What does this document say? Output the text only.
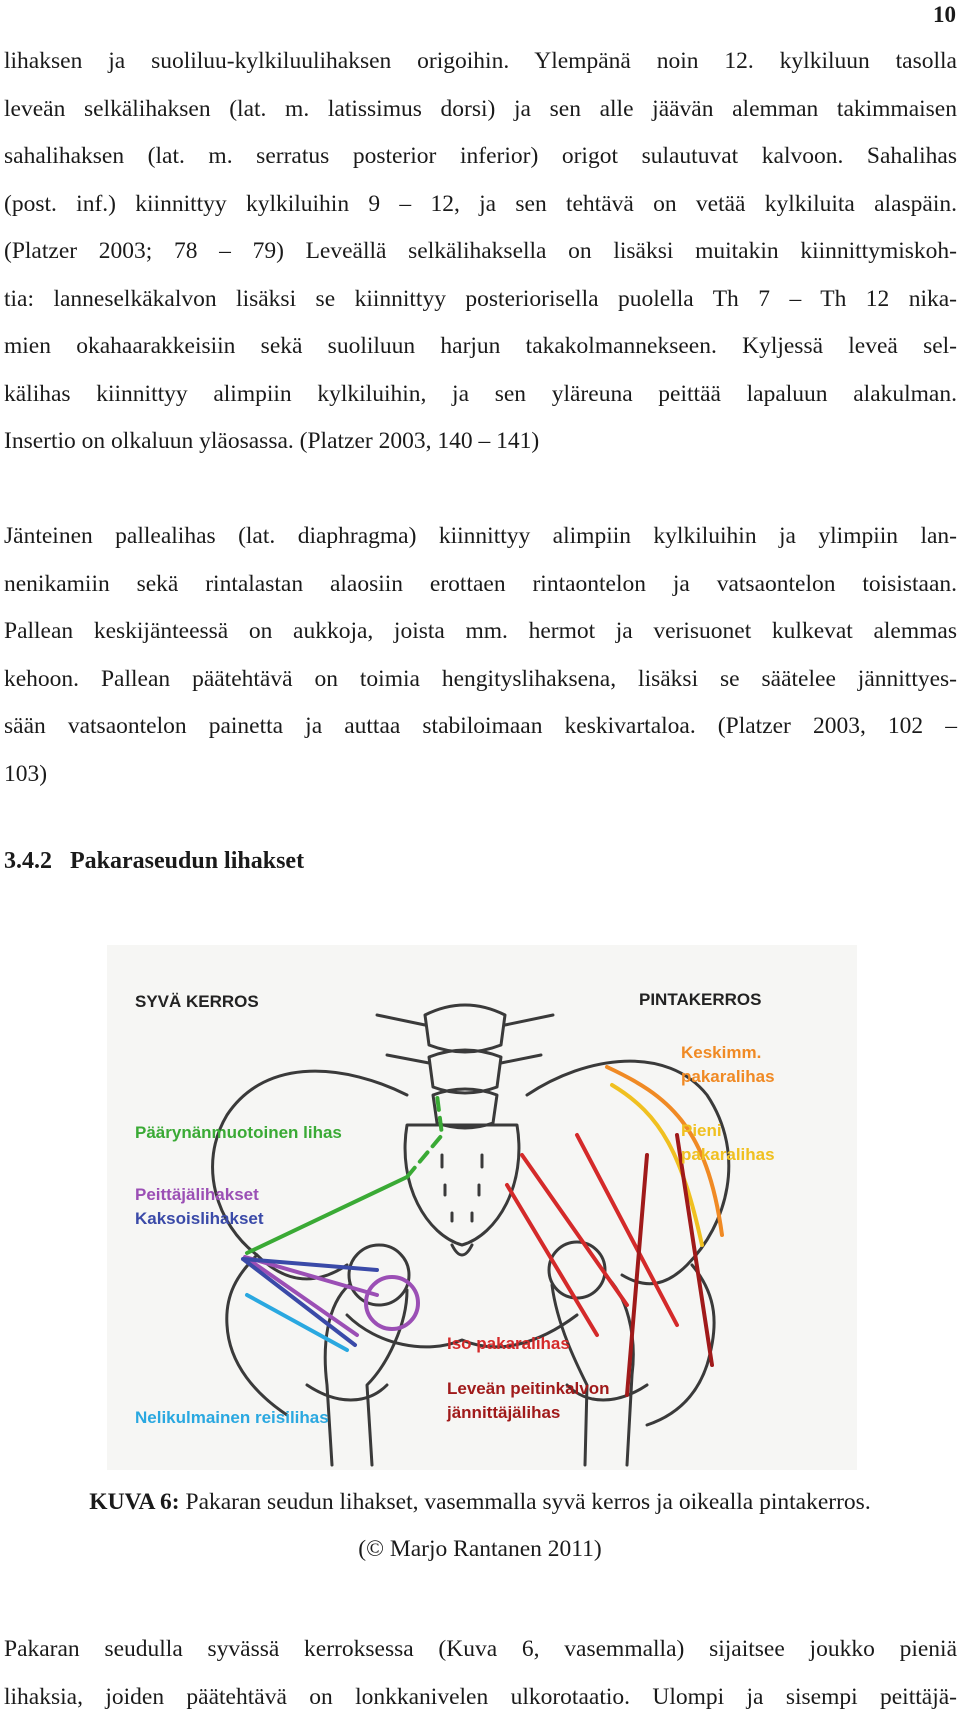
10
lihaksen ja suoliluu-kylkiluulihaksen origoihin. Ylempänä noin 12. kylkiluun tasolla
leveän selkälihaksen (lat. m. latissimus dorsi) ja sen alle jäävän alemman takimmaisen
sahalihaksen (lat. m. serratus posterior inferior) origot sulautuvat kalvoon. Sahalihas
(post. inf.) kiinnittyy kylkiluihin 9 – 12, ja sen tehtävä on vetää kylkiluita alaspäin.
(Platzer 2003; 78 – 79) Leveällä selkälihaksella on lisäksi muitakin kiinnittymiskoh-
tia: lanneselkäkalvon lisäksi se kiinnittyy posteriorisella puolella Th 7 – Th 12 nika-
mien okahaarakkeisiin sekä suoliluun harjun takakolmannekseen. Kyljessä leveä sel-
kälihas kiinnittyy alimpiin kylkiluihin, ja sen yläreuna peittää lapaluun alakulman.
Insertio on olkaluun yläosassa. (Platzer 2003, 140 – 141)
Jänteinen pallealihas (lat. diaphragma) kiinnittyy alimpiin kylkiluihin ja ylimpiin lan-
nenikamiin sekä rintalastan alaosiin erottaen rintaontelon ja vatsaontelon toisistaan.
Pallean keskijänteessä on aukkoja, joista mm. hermot ja verisuonet kulkevat alemmas
kehoon. Pallean päätehtävä on toimia hengityslihaksena, lisäksi se säätelee jännittyes-
sään vatsaontelon painetta ja auttaa stabiloimaan keskivartaloa. (Platzer 2003, 102 –
103)
3.4.2 Pakaraseudun lihakset
SYVÄ KERROS	PINTAKERROS
Keskimm.
pakaralihas
Päärynänmuotoinen lihas	Pieni
pakaralihas
Peittäjälihakset
Kaksoislihakset
Iso pakaralihas
Leveän peitinkalvon
jännittäjälihas
Nelikulmainen reisilihas
KUVA 6: Pakaran seudun lihakset, vasemmalla syvä kerros ja oikealla pintakerros.
(© Marjo Rantanen 2011)
Pakaran seudulla syvässä kerroksessa (Kuva 6, vasemmalla) sijaitsee joukko pieniä
lihaksia, joiden päätehtävä on lonkkanivelen ulkorotaatio. Ulompi ja sisempi peittäjä-
